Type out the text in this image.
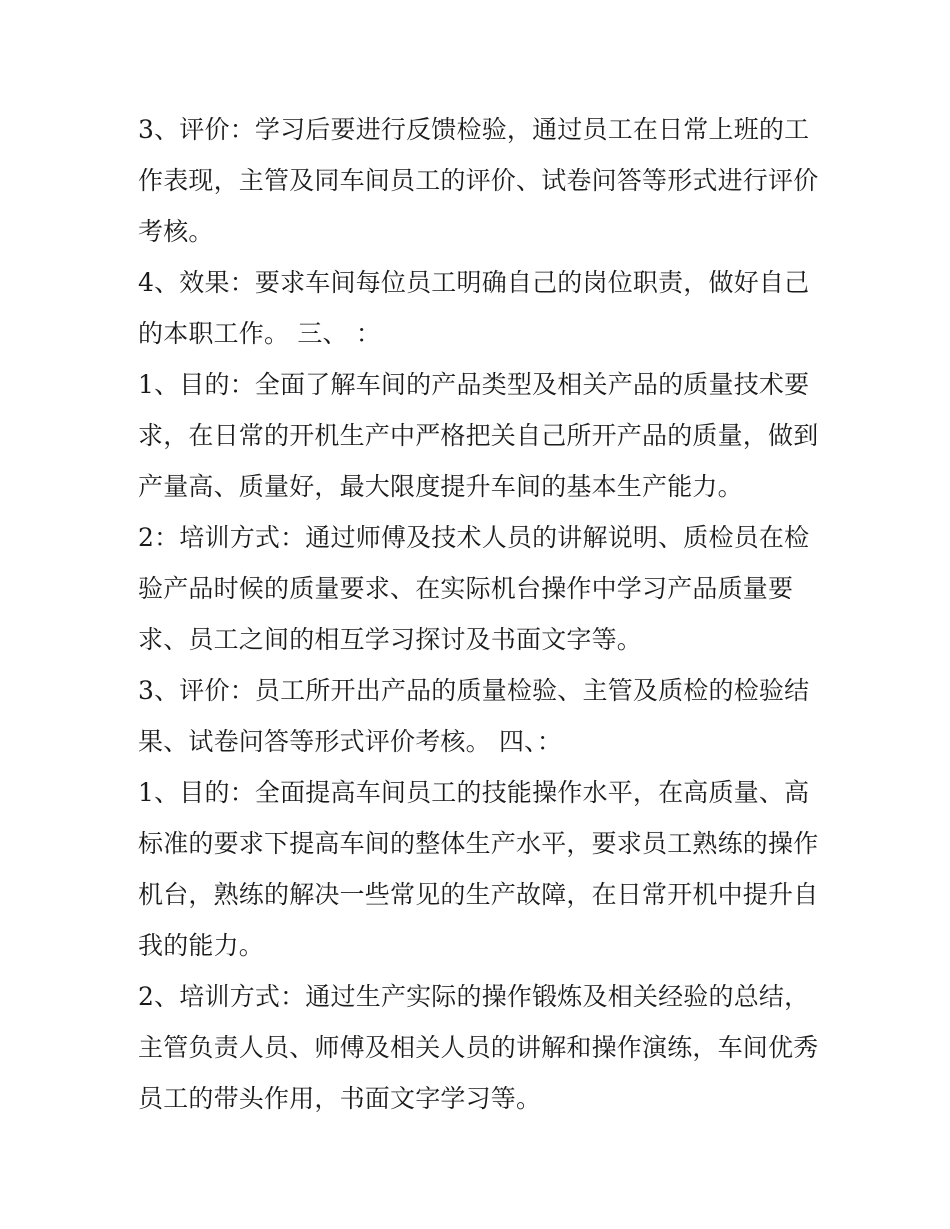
3、评价：学习后要进行反馈检验，通过员工在日常上班的工
作表现，主管及同车间员工的评价、试卷问答等形式进行评价
考核。
4、效果：要求车间每位员工明确自己的岗位职责，做好自己
的本职工作。 三、 ：
1、目的：全面了解车间的产品类型及相关产品的质量技术要
求，在日常的开机生产中严格把关自己所开产品的质量，做到
产量高、质量好，最大限度提升车间的基本生产能力。
2：培训方式：通过师傅及技术人员的讲解说明、质检员在检
验产品时候的质量要求、在实际机台操作中学习产品质量要
求、员工之间的相互学习探讨及书面文字等。
3、评价：员工所开出产品的质量检验、主管及质检的检验结
果、试卷问答等形式评价考核。 四、：
1、目的：全面提高车间员工的技能操作水平，在高质量、高
标准的要求下提高车间的整体生产水平，要求员工熟练的操作
机台，熟练的解决一些常见的生产故障，在日常开机中提升自
我的能力。
2、培训方式：通过生产实际的操作锻炼及相关经验的总结，
主管负责人员、师傅及相关人员的讲解和操作演练，车间优秀
员工的带头作用，书面文字学习等。
